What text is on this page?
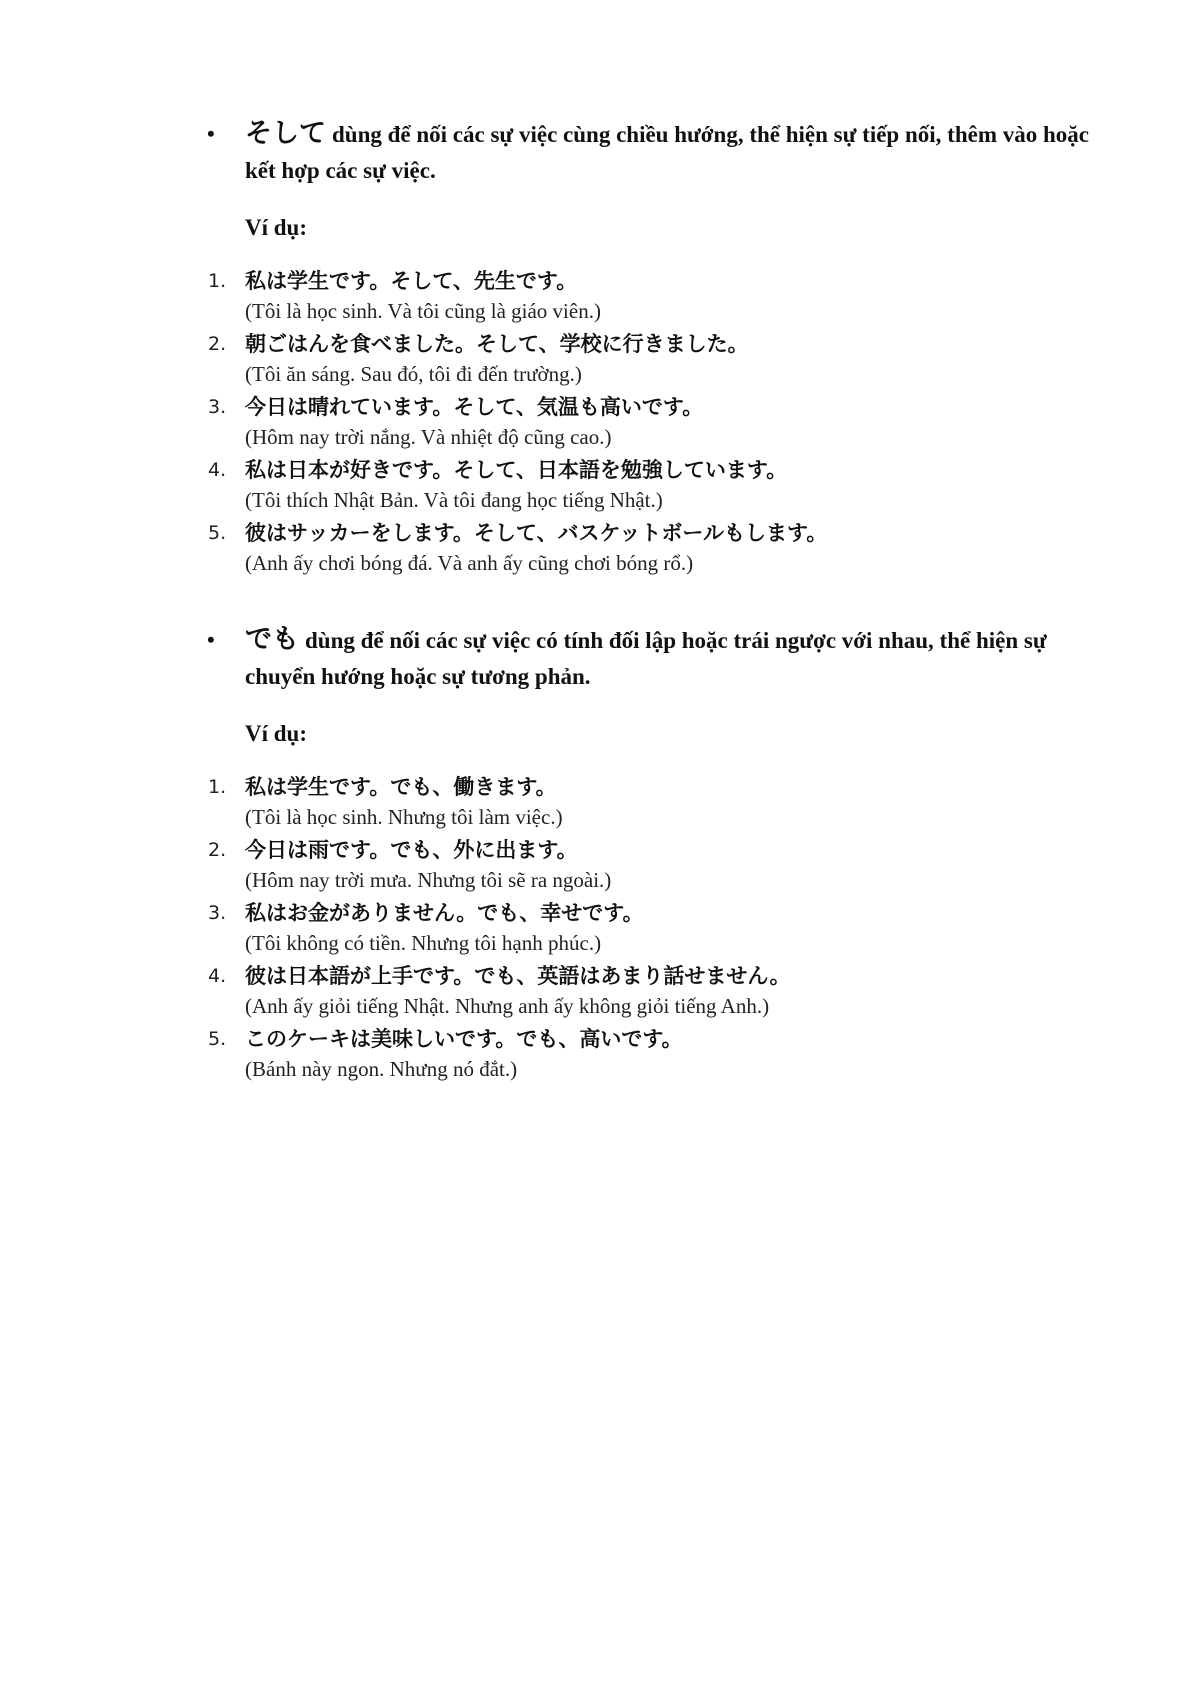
• そして dùng để nối các sự việc cùng chiều hướng, thể hiện sự tiếp nối, thêm vào hoặc kết hợp các sự việc.
Ví dụ:
1. 私は学生です。そして、先生です。
(Tôi là học sinh. Và tôi cũng là giáo viên.)
2. 朝ごはんを食べました。そして、学校に行きました。
(Tôi ăn sáng. Sau đó, tôi đi đến trường.)
3. 今日は晴れています。そして、気温も高いです。
(Hôm nay trời nắng. Và nhiệt độ cũng cao.)
4. 私は日本が好きです。そして、日本語を勉強しています。
(Tôi thích Nhật Bản. Và tôi đang học tiếng Nhật.)
5. 彼はサッカーをします。そして、バスケットボールもします。
(Anh ấy chơi bóng đá. Và anh ấy cũng chơi bóng rổ.)
• でも dùng để nối các sự việc có tính đối lập hoặc trái ngược với nhau, thể hiện sự chuyển hướng hoặc sự tương phản.
Ví dụ:
1. 私は学生です。でも、働きます。
(Tôi là học sinh. Nhưng tôi làm việc.)
2. 今日は雨です。でも、外に出ます。
(Hôm nay trời mưa. Nhưng tôi sẽ ra ngoài.)
3. 私はお金がありません。でも、幸せです。
(Tôi không có tiền. Nhưng tôi hạnh phúc.)
4. 彼は日本語が上手です。でも、英語はあまり話せません。
(Anh ấy giỏi tiếng Nhật. Nhưng anh ấy không giỏi tiếng Anh.)
5. このケーキは美味しいです。でも、高いです。
(Bánh này ngon. Nhưng nó đắt.)
